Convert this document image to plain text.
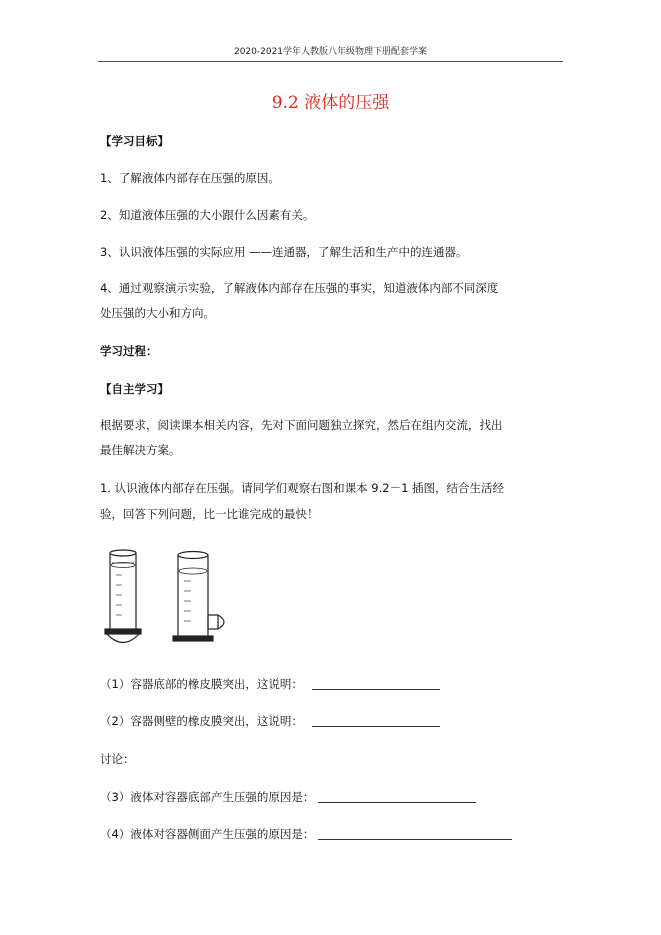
2020-2021学年人教版八年级物理下册配套学案
9.2 液体的压强
【学习目标】
1、了解液体内部存在压强的原因。
2、知道液体压强的大小跟什么因素有关。
3、认识液体压强的实际应用 ——连通器，了解生活和生产中的连通器。
4、通过观察演示实验，了解液体内部存在压强的事实，知道液体内部不同深度
处压强的大小和方向。
学习过程：
【自主学习】
根据要求，阅读课本相关内容，先对下面问题独立探究，然后在组内交流，找出
最佳解决方案。
1. 认识液体内部存在压强。请同学们观察右图和课本 9.2－1 插图，结合生活经
验，回答下列问题，比一比谁完成的最快！
（1）容器底部的橡皮膜突出，这说明：
（2）容器侧壁的橡皮膜突出，这说明：
讨论：
（3）液体对容器底部产生压强的原因是：
（4）液体对容器侧面产生压强的原因是：
